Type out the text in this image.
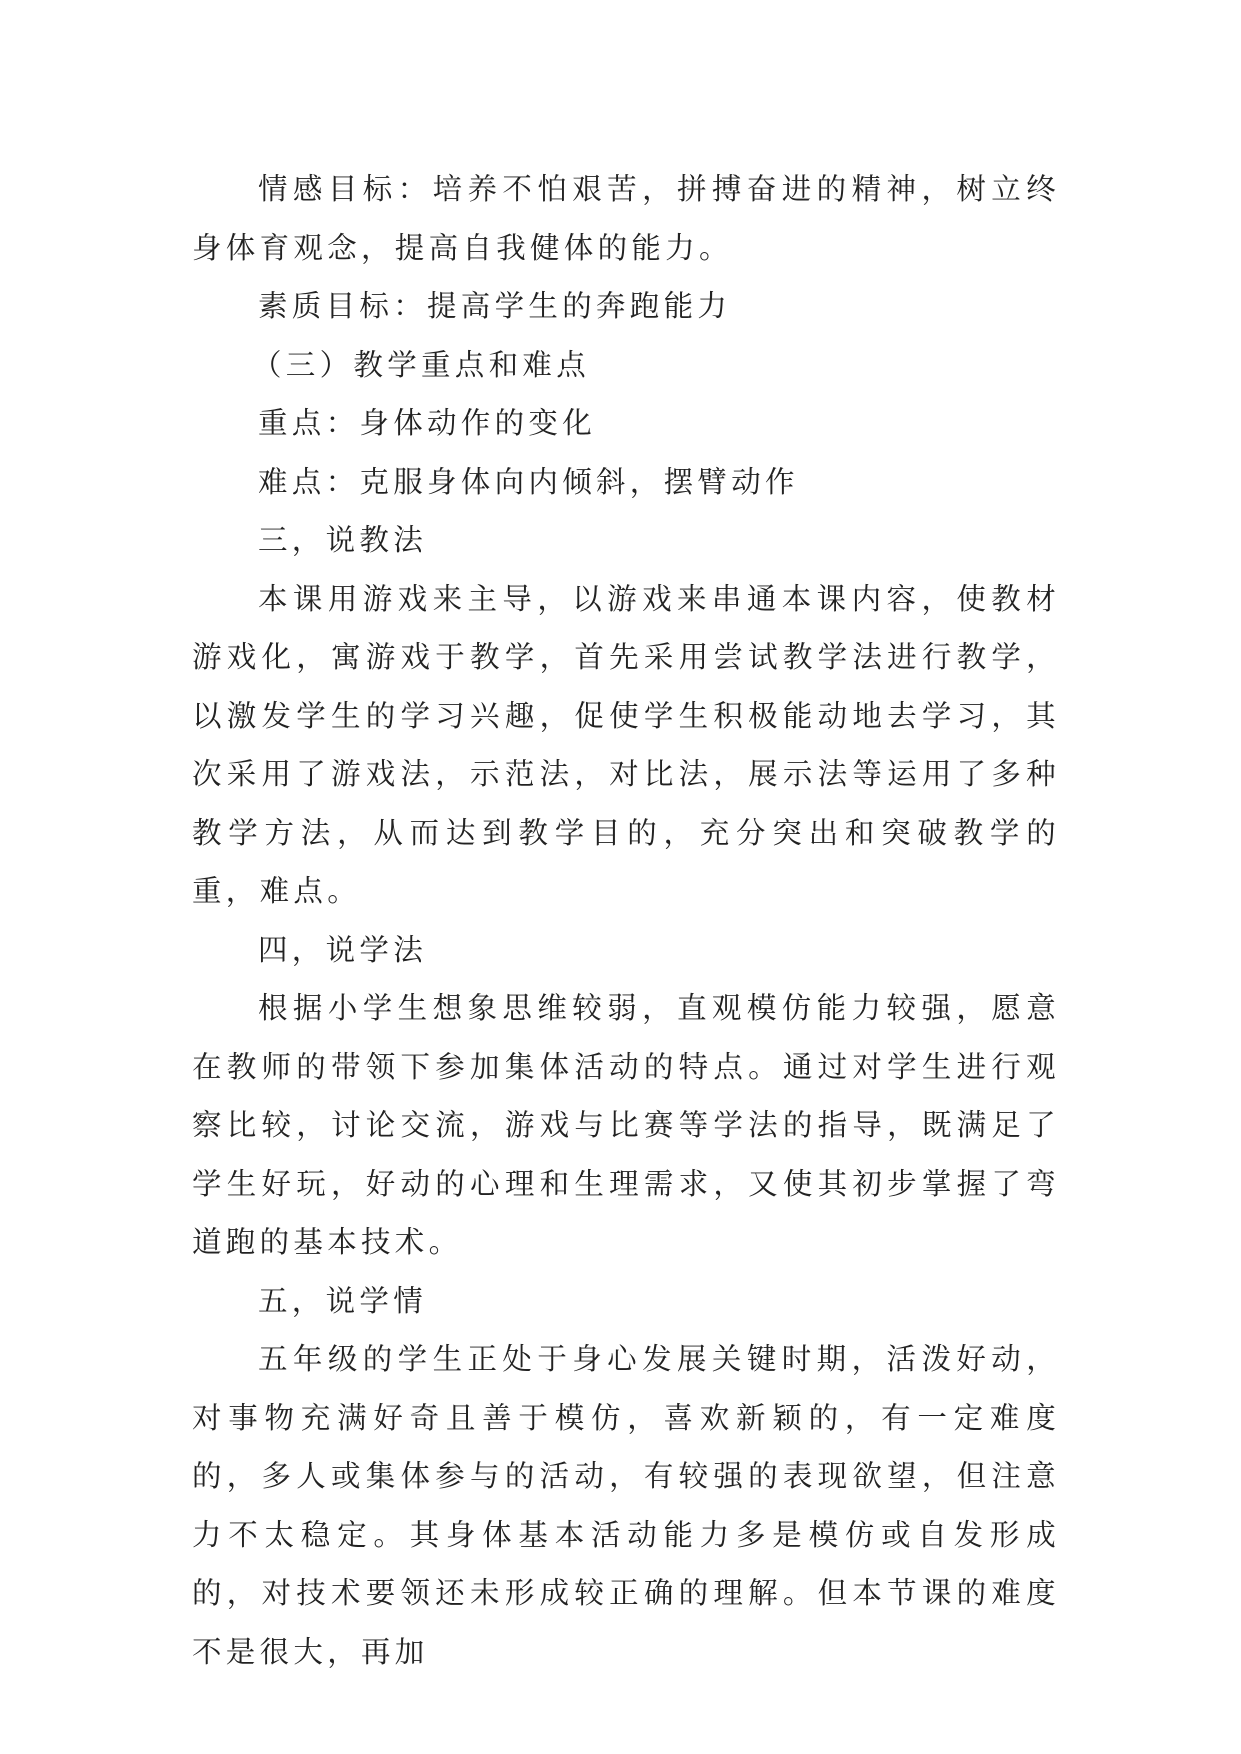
情感目标：培养不怕艰苦，拼搏奋进的精神，树立终身体育观念，提高自我健体的能力。

素质目标：提高学生的奔跑能力

（三）教学重点和难点

重点：身体动作的变化

难点：克服身体向内倾斜，摆臂动作

三，说教法

本课用游戏来主导，以游戏来串通本课内容，使教材游戏化，寓游戏于教学，首先采用尝试教学法进行教学，以激发学生的学习兴趣，促使学生积极能动地去学习，其次采用了游戏法，示范法，对比法，展示法等运用了多种教学方法，从而达到教学目的，充分突出和突破教学的重，难点。

四，说学法

根据小学生想象思维较弱，直观模仿能力较强，愿意在教师的带领下参加集体活动的特点。通过对学生进行观察比较，讨论交流，游戏与比赛等学法的指导，既满足了学生好玩，好动的心理和生理需求，又使其初步掌握了弯道跑的基本技术。

五，说学情

五年级的学生正处于身心发展关键时期，活泼好动，对事物充满好奇且善于模仿，喜欢新颖的，有一定难度的，多人或集体参与的活动，有较强的表现欲望，但注意力不太稳定。其身体基本活动能力多是模仿或自发形成的，对技术要领还未形成较正确的理解。但本节课的难度不是很大，再加
